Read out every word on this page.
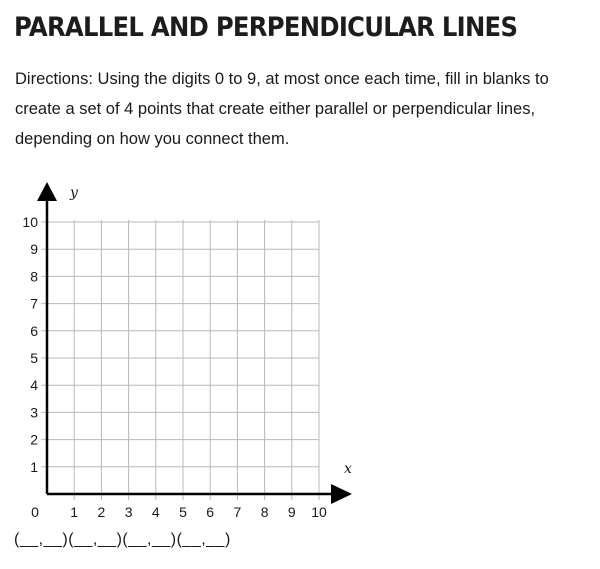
PARALLEL AND PERPENDICULAR LINES

Directions: Using the digits 0 to 9, at most once each time, fill in blanks to create a set of 4 points that create either parallel or perpendicular lines, depending on how you connect them.

1
2
3
4
5
6
7
8
9
10
1 2 3 4 5 6 7 8 9 10
y
x
0
(__,__)(__,__)(__,__)(__,__)
